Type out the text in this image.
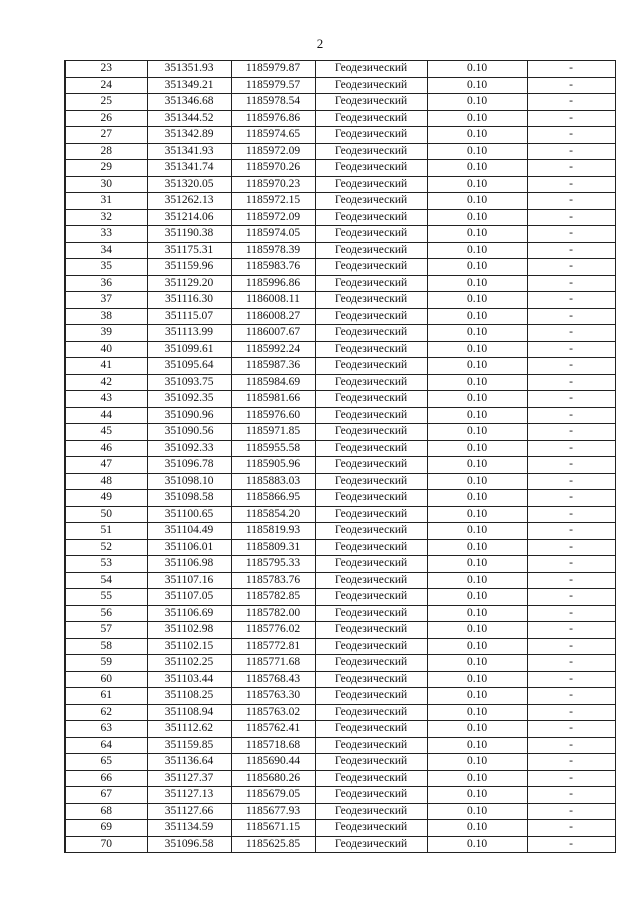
2
23	351351.93	1185979.87	Геодезический	0.10	-
24	351349.21	1185979.57	Геодезический	0.10	-
25	351346.68	1185978.54	Геодезический	0.10	-
26	351344.52	1185976.86	Геодезический	0.10	-
27	351342.89	1185974.65	Геодезический	0.10	-
28	351341.93	1185972.09	Геодезический	0.10	-
29	351341.74	1185970.26	Геодезический	0.10	-
30	351320.05	1185970.23	Геодезический	0.10	-
31	351262.13	1185972.15	Геодезический	0.10	-
32	351214.06	1185972.09	Геодезический	0.10	-
33	351190.38	1185974.05	Геодезический	0.10	-
34	351175.31	1185978.39	Геодезический	0.10	-
35	351159.96	1185983.76	Геодезический	0.10	-
36	351129.20	1185996.86	Геодезический	0.10	-
37	351116.30	1186008.11	Геодезический	0.10	-
38	351115.07	1186008.27	Геодезический	0.10	-
39	351113.99	1186007.67	Геодезический	0.10	-
40	351099.61	1185992.24	Геодезический	0.10	-
41	351095.64	1185987.36	Геодезический	0.10	-
42	351093.75	1185984.69	Геодезический	0.10	-
43	351092.35	1185981.66	Геодезический	0.10	-
44	351090.96	1185976.60	Геодезический	0.10	-
45	351090.56	1185971.85	Геодезический	0.10	-
46	351092.33	1185955.58	Геодезический	0.10	-
47	351096.78	1185905.96	Геодезический	0.10	-
48	351098.10	1185883.03	Геодезический	0.10	-
49	351098.58	1185866.95	Геодезический	0.10	-
50	351100.65	1185854.20	Геодезический	0.10	-
51	351104.49	1185819.93	Геодезический	0.10	-
52	351106.01	1185809.31	Геодезический	0.10	-
53	351106.98	1185795.33	Геодезический	0.10	-
54	351107.16	1185783.76	Геодезический	0.10	-
55	351107.05	1185782.85	Геодезический	0.10	-
56	351106.69	1185782.00	Геодезический	0.10	-
57	351102.98	1185776.02	Геодезический	0.10	-
58	351102.15	1185772.81	Геодезический	0.10	-
59	351102.25	1185771.68	Геодезический	0.10	-
60	351103.44	1185768.43	Геодезический	0.10	-
61	351108.25	1185763.30	Геодезический	0.10	-
62	351108.94	1185763.02	Геодезический	0.10	-
63	351112.62	1185762.41	Геодезический	0.10	-
64	351159.85	1185718.68	Геодезический	0.10	-
65	351136.64	1185690.44	Геодезический	0.10	-
66	351127.37	1185680.26	Геодезический	0.10	-
67	351127.13	1185679.05	Геодезический	0.10	-
68	351127.66	1185677.93	Геодезический	0.10	-
69	351134.59	1185671.15	Геодезический	0.10	-
70	351096.58	1185625.85	Геодезический	0.10	-
